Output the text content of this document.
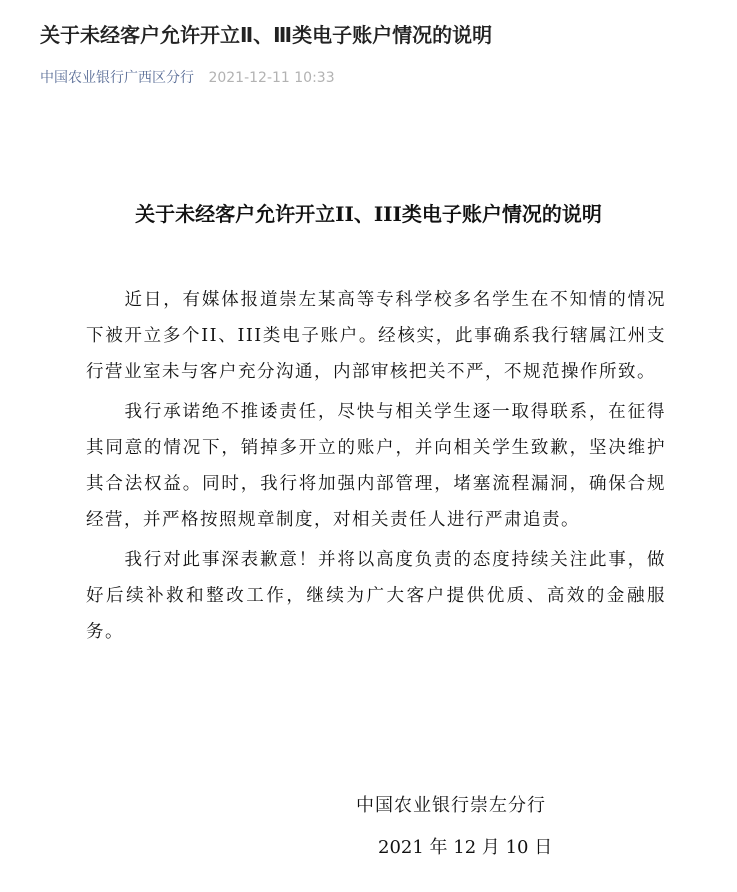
关于未经客户允许开立Ⅱ、Ⅲ类电子账户情况的说明
中国农业银行广西区分行 2021-12-11 10:33
关于未经客户允许开立II、III类电子账户情况的说明

近日，有媒体报道崇左某高等专科学校多名学生在不知情的情况下被开立多个II、III类电子账户。经核实，此事确系我行辖属江州支行营业室未与客户充分沟通，内部审核把关不严，不规范操作所致。

我行承诺绝不推诿责任，尽快与相关学生逐一取得联系，在征得其同意的情况下，销掉多开立的账户，并向相关学生致歉，坚决维护其合法权益。同时，我行将加强内部管理，堵塞流程漏洞，确保合规经营，并严格按照规章制度，对相关责任人进行严肃追责。

我行对此事深表歉意！并将以高度负责的态度持续关注此事，做好后续补救和整改工作，继续为广大客户提供优质、高效的金融服务。

中国农业银行崇左分行
2021 年 12 月 10 日
